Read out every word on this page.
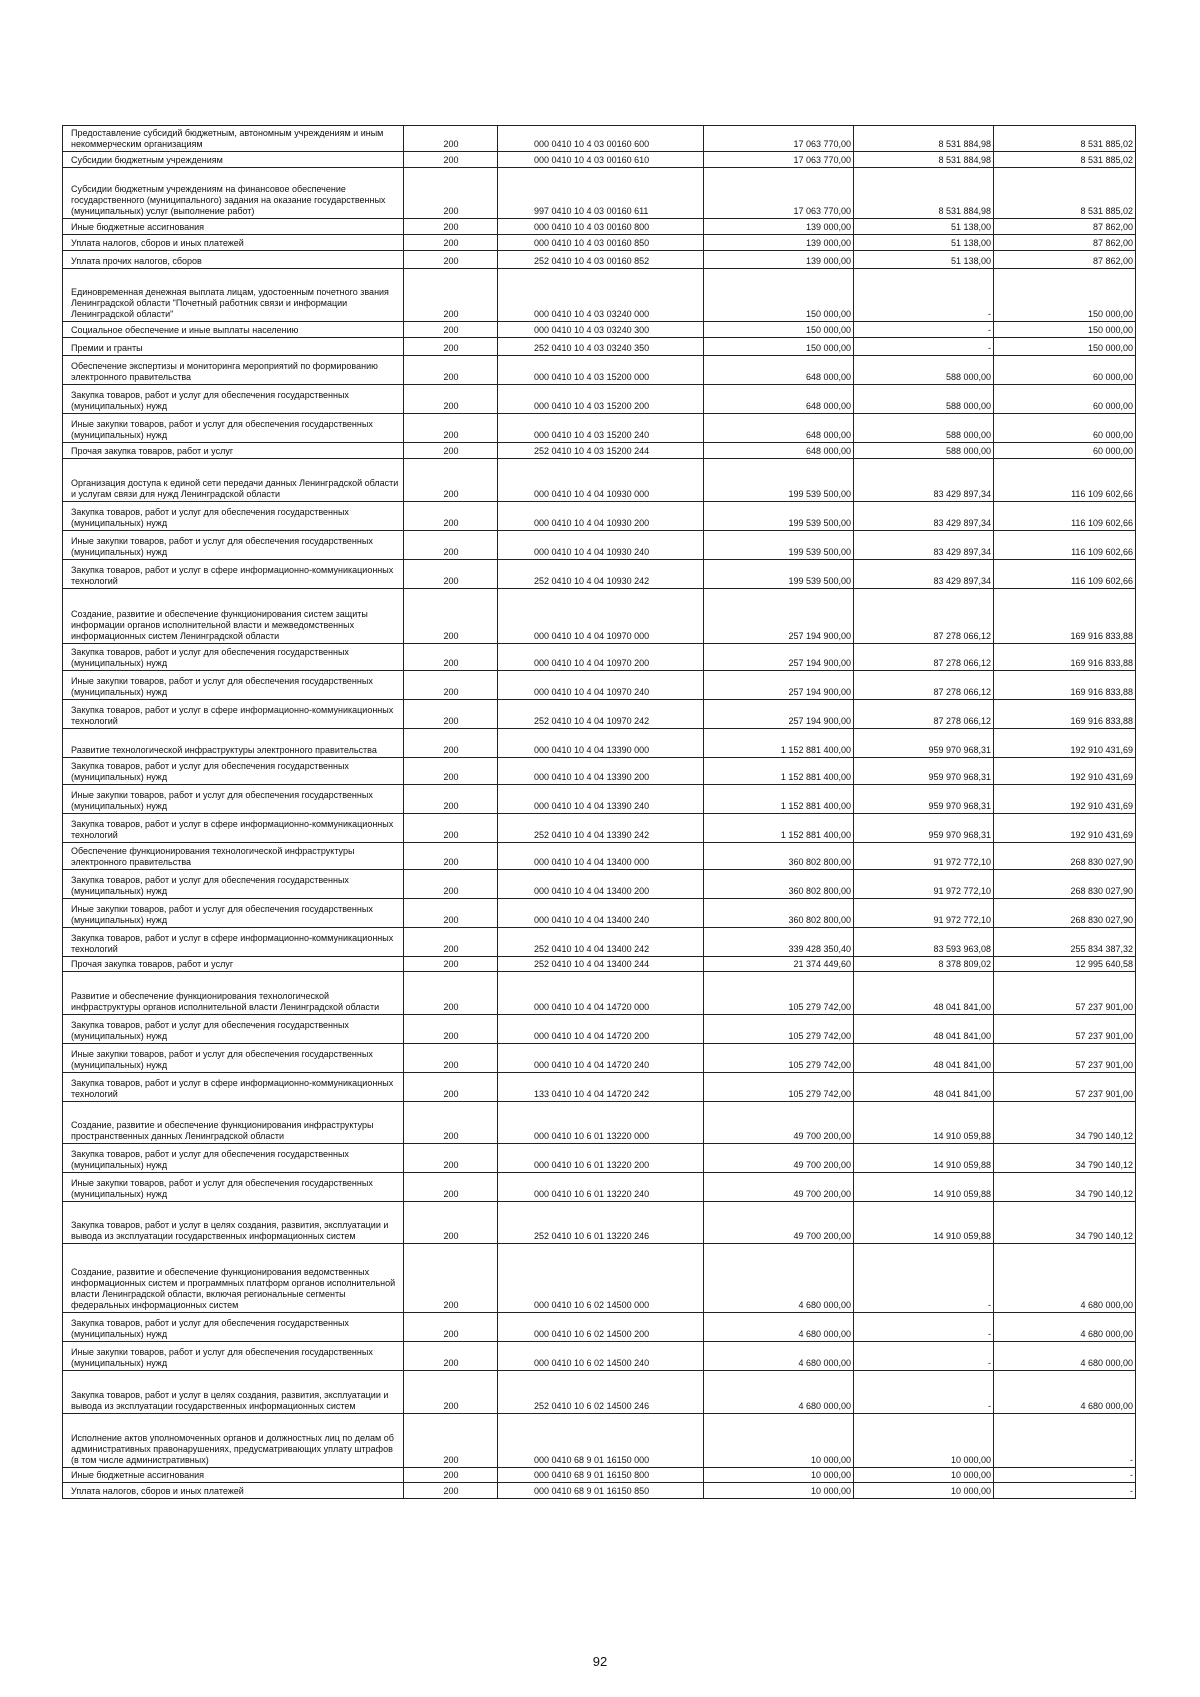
Предоставление субсидий бюджетным, автономным учреждениям и иным некоммерческим организациям	200	000 0410 10 4 03 00160 600	17 063 770,00	8 531 884,98	8 531 885,02
Субсидии бюджетным учреждениям	200	000 0410 10 4 03 00160 610	17 063 770,00	8 531 884,98	8 531 885,02
Субсидии бюджетным учреждениям на финансовое обеспечение государственного (муниципального) задания на оказание государственных (муниципальных) услуг (выполнение работ)	200	997 0410 10 4 03 00160 611	17 063 770,00	8 531 884,98	8 531 885,02
Иные бюджетные ассигнования	200	000 0410 10 4 03 00160 800	139 000,00	51 138,00	87 862,00
Уплата налогов, сборов и иных платежей	200	000 0410 10 4 03 00160 850	139 000,00	51 138,00	87 862,00
Уплата прочих налогов, сборов	200	252 0410 10 4 03 00160 852	139 000,00	51 138,00	87 862,00
Единовременная денежная выплата лицам, удостоенным почетного звания Ленинградской области "Почетный работник связи и информации Ленинградской области"	200	000 0410 10 4 03 03240 000	150 000,00	-	150 000,00
Социальное обеспечение и иные выплаты населению	200	000 0410 10 4 03 03240 300	150 000,00	-	150 000,00
Премии и гранты	200	252 0410 10 4 03 03240 350	150 000,00	-	150 000,00
Обеспечение экспертизы и мониторинга мероприятий по формированию электронного правительства	200	000 0410 10 4 03 15200 000	648 000,00	588 000,00	60 000,00
Закупка товаров, работ и услуг для обеспечения государственных (муниципальных) нужд	200	000 0410 10 4 03 15200 200	648 000,00	588 000,00	60 000,00
Иные закупки товаров, работ и услуг для обеспечения государственных (муниципальных) нужд	200	000 0410 10 4 03 15200 240	648 000,00	588 000,00	60 000,00
Прочая закупка товаров, работ и услуг	200	252 0410 10 4 03 15200 244	648 000,00	588 000,00	60 000,00
Организация доступа к единой сети передачи данных Ленинградской области и услугам связи для нужд Ленинградской области	200	000 0410 10 4 04 10930 000	199 539 500,00	83 429 897,34	116 109 602,66
Закупка товаров, работ и услуг для обеспечения государственных (муниципальных) нужд	200	000 0410 10 4 04 10930 200	199 539 500,00	83 429 897,34	116 109 602,66
Иные закупки товаров, работ и услуг для обеспечения государственных (муниципальных) нужд	200	000 0410 10 4 04 10930 240	199 539 500,00	83 429 897,34	116 109 602,66
Закупка товаров, работ и услуг в сфере информационно-коммуникационных технологий	200	252 0410 10 4 04 10930 242	199 539 500,00	83 429 897,34	116 109 602,66
Создание, развитие и обеспечение функционирования систем защиты информации органов исполнительной власти и межведомственных информационных систем Ленинградской области	200	000 0410 10 4 04 10970 000	257 194 900,00	87 278 066,12	169 916 833,88
Закупка товаров, работ и услуг для обеспечения государственных (муниципальных) нужд	200	000 0410 10 4 04 10970 200	257 194 900,00	87 278 066,12	169 916 833,88
Иные закупки товаров, работ и услуг для обеспечения государственных (муниципальных) нужд	200	000 0410 10 4 04 10970 240	257 194 900,00	87 278 066,12	169 916 833,88
Закупка товаров, работ и услуг в сфере информационно-коммуникационных технологий	200	252 0410 10 4 04 10970 242	257 194 900,00	87 278 066,12	169 916 833,88
Развитие технологической инфраструктуры электронного правительства	200	000 0410 10 4 04 13390 000	1 152 881 400,00	959 970 968,31	192 910 431,69
Закупка товаров, работ и услуг для обеспечения государственных (муниципальных) нужд	200	000 0410 10 4 04 13390 200	1 152 881 400,00	959 970 968,31	192 910 431,69
Иные закупки товаров, работ и услуг для обеспечения государственных (муниципальных) нужд	200	000 0410 10 4 04 13390 240	1 152 881 400,00	959 970 968,31	192 910 431,69
Закупка товаров, работ и услуг в сфере информационно-коммуникационных технологий	200	252 0410 10 4 04 13390 242	1 152 881 400,00	959 970 968,31	192 910 431,69
Обеспечение функционирования технологической инфраструктуры электронного правительства	200	000 0410 10 4 04 13400 000	360 802 800,00	91 972 772,10	268 830 027,90
Закупка товаров, работ и услуг для обеспечения государственных (муниципальных) нужд	200	000 0410 10 4 04 13400 200	360 802 800,00	91 972 772,10	268 830 027,90
Иные закупки товаров, работ и услуг для обеспечения государственных (муниципальных) нужд	200	000 0410 10 4 04 13400 240	360 802 800,00	91 972 772,10	268 830 027,90
Закупка товаров, работ и услуг в сфере информационно-коммуникационных технологий	200	252 0410 10 4 04 13400 242	339 428 350,40	83 593 963,08	255 834 387,32
Прочая закупка товаров, работ и услуг	200	252 0410 10 4 04 13400 244	21 374 449,60	8 378 809,02	12 995 640,58
Развитие и обеспечение функционирования технологической инфраструктуры органов исполнительной власти Ленинградской области	200	000 0410 10 4 04 14720 000	105 279 742,00	48 041 841,00	57 237 901,00
Закупка товаров, работ и услуг для обеспечения государственных (муниципальных) нужд	200	000 0410 10 4 04 14720 200	105 279 742,00	48 041 841,00	57 237 901,00
Иные закупки товаров, работ и услуг для обеспечения государственных (муниципальных) нужд	200	000 0410 10 4 04 14720 240	105 279 742,00	48 041 841,00	57 237 901,00
Закупка товаров, работ и услуг в сфере информационно-коммуникационных технологий	200	133 0410 10 4 04 14720 242	105 279 742,00	48 041 841,00	57 237 901,00
Создание, развитие и обеспечение функционирования инфраструктуры пространственных данных Ленинградской области	200	000 0410 10 6 01 13220 000	49 700 200,00	14 910 059,88	34 790 140,12
Закупка товаров, работ и услуг для обеспечения государственных (муниципальных) нужд	200	000 0410 10 6 01 13220 200	49 700 200,00	14 910 059,88	34 790 140,12
Иные закупки товаров, работ и услуг для обеспечения государственных (муниципальных) нужд	200	000 0410 10 6 01 13220 240	49 700 200,00	14 910 059,88	34 790 140,12
Закупка товаров, работ и услуг в целях создания, развития, эксплуатации и вывода из эксплуатации государственных информационных систем	200	252 0410 10 6 01 13220 246	49 700 200,00	14 910 059,88	34 790 140,12
Создание, развитие и обеспечение функционирования ведомственных информационных систем и программных платформ органов исполнительной власти Ленинградской области, включая региональные сегменты федеральных информационных систем	200	000 0410 10 6 02 14500 000	4 680 000,00	-	4 680 000,00
Закупка товаров, работ и услуг для обеспечения государственных (муниципальных) нужд	200	000 0410 10 6 02 14500 200	4 680 000,00	-	4 680 000,00
Иные закупки товаров, работ и услуг для обеспечения государственных (муниципальных) нужд	200	000 0410 10 6 02 14500 240	4 680 000,00	-	4 680 000,00
Закупка товаров, работ и услуг в целях создания, развития, эксплуатации и вывода из эксплуатации государственных информационных систем	200	252 0410 10 6 02 14500 246	4 680 000,00	-	4 680 000,00
Исполнение актов уполномоченных органов и должностных лиц по делам об административных правонарушениях, предусматривающих уплату штрафов (в том числе административных)	200	000 0410 68 9 01 16150 000	10 000,00	10 000,00	-
Иные бюджетные ассигнования	200	000 0410 68 9 01 16150 800	10 000,00	10 000,00	-
Уплата налогов, сборов и иных платежей	200	000 0410 68 9 01 16150 850	10 000,00	10 000,00	-
92
